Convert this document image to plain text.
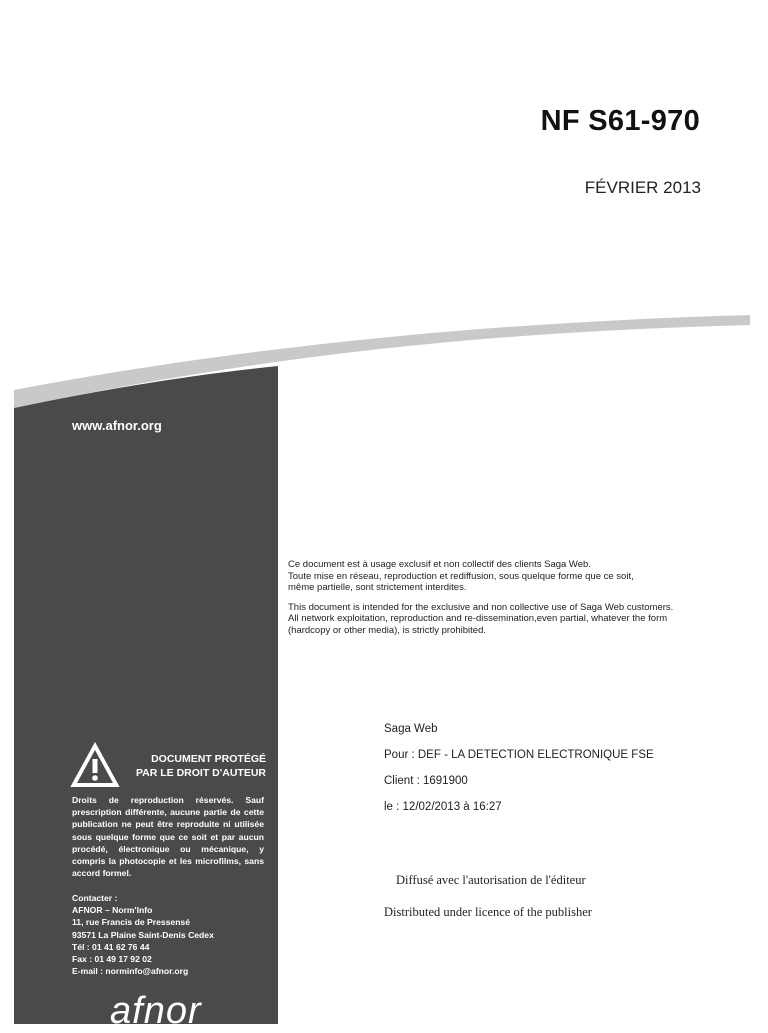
NF S61-970
FÉVRIER 2013
www.afnor.org
DOCUMENT PROTÉGÉ
PAR LE DROIT D'AUTEUR
Droits de reproduction réservés. Sauf prescription différente, aucune partie de cette publication ne peut être reproduite ni utilisée sous quelque forme que ce soit et par aucun procédé, électronique ou mécanique, y compris la photocopie et les microfilms, sans accord formel.
Contacter :
AFNOR – Norm'Info
11, rue Francis de Pressensé
93571 La Plaine Saint-Denis Cedex
Tél : 01 41 62 76 44
Fax : 01 49 17 92 02
E-mail : norminfo@afnor.org
afnor
Ce document est à usage exclusif et non collectif des clients Saga Web.
Toute mise en réseau, reproduction et rediffusion, sous quelque forme que ce soit,
même partielle, sont strictement interdites.
This document is intended for the exclusive and non collective use of Saga Web customers.
All network exploitation, reproduction and re-dissemination,even partial, whatever the form
(hardcopy or other media), is strictly prohibited.
Saga Web
Pour : DEF - LA DETECTION ELECTRONIQUE FSE
Client : 1691900
le : 12/02/2013 à 16:27
Diffusé avec l'autorisation de l'éditeur
Distributed under licence of the publisher
